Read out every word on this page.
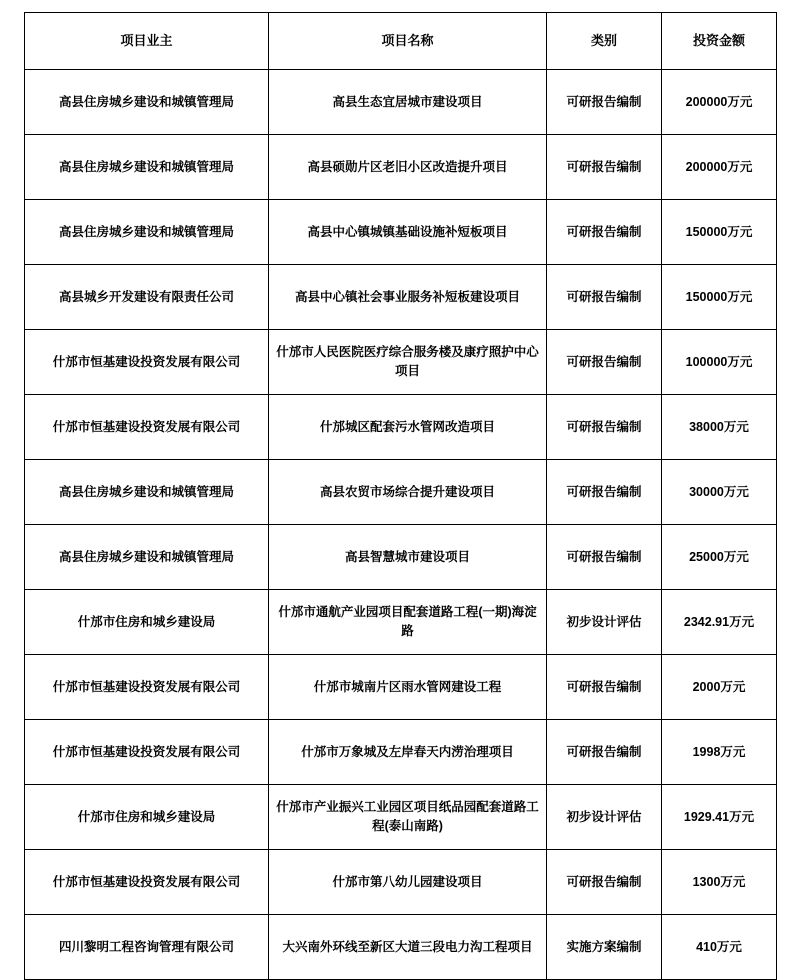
项目业主	项目名称	类别	投资金额
高县住房城乡建设和城镇管理局	高县生态宜居城市建设项目	可研报告编制	200000万元
高县住房城乡建设和城镇管理局	高县硕勋片区老旧小区改造提升项目	可研报告编制	200000万元
高县住房城乡建设和城镇管理局	高县中心镇城镇基础设施补短板项目	可研报告编制	150000万元
高县城乡开发建设有限责任公司	高县中心镇社会事业服务补短板建设项目	可研报告编制	150000万元
什邡市恒基建设投资发展有限公司	什邡市人民医院医疗综合服务楼及康疗照护中心项目	可研报告编制	100000万元
什邡市恒基建设投资发展有限公司	什邡城区配套污水管网改造项目	可研报告编制	38000万元
高县住房城乡建设和城镇管理局	高县农贸市场综合提升建设项目	可研报告编制	30000万元
高县住房城乡建设和城镇管理局	高县智慧城市建设项目	可研报告编制	25000万元
什邡市住房和城乡建设局	什邡市通航产业园项目配套道路工程(一期)海淀路	初步设计评估	2342.91万元
什邡市恒基建设投资发展有限公司	什邡市城南片区雨水管网建设工程	可研报告编制	2000万元
什邡市恒基建设投资发展有限公司	什邡市万象城及左岸春天内涝治理项目	可研报告编制	1998万元
什邡市住房和城乡建设局	什邡市产业振兴工业园区项目纸品园配套道路工程(泰山南路)	初步设计评估	1929.41万元
什邡市恒基建设投资发展有限公司	什邡市第八幼儿园建设项目	可研报告编制	1300万元
四川黎明工程咨询管理有限公司	大兴南外环线至新区大道三段电力沟工程项目	实施方案编制	410万元
